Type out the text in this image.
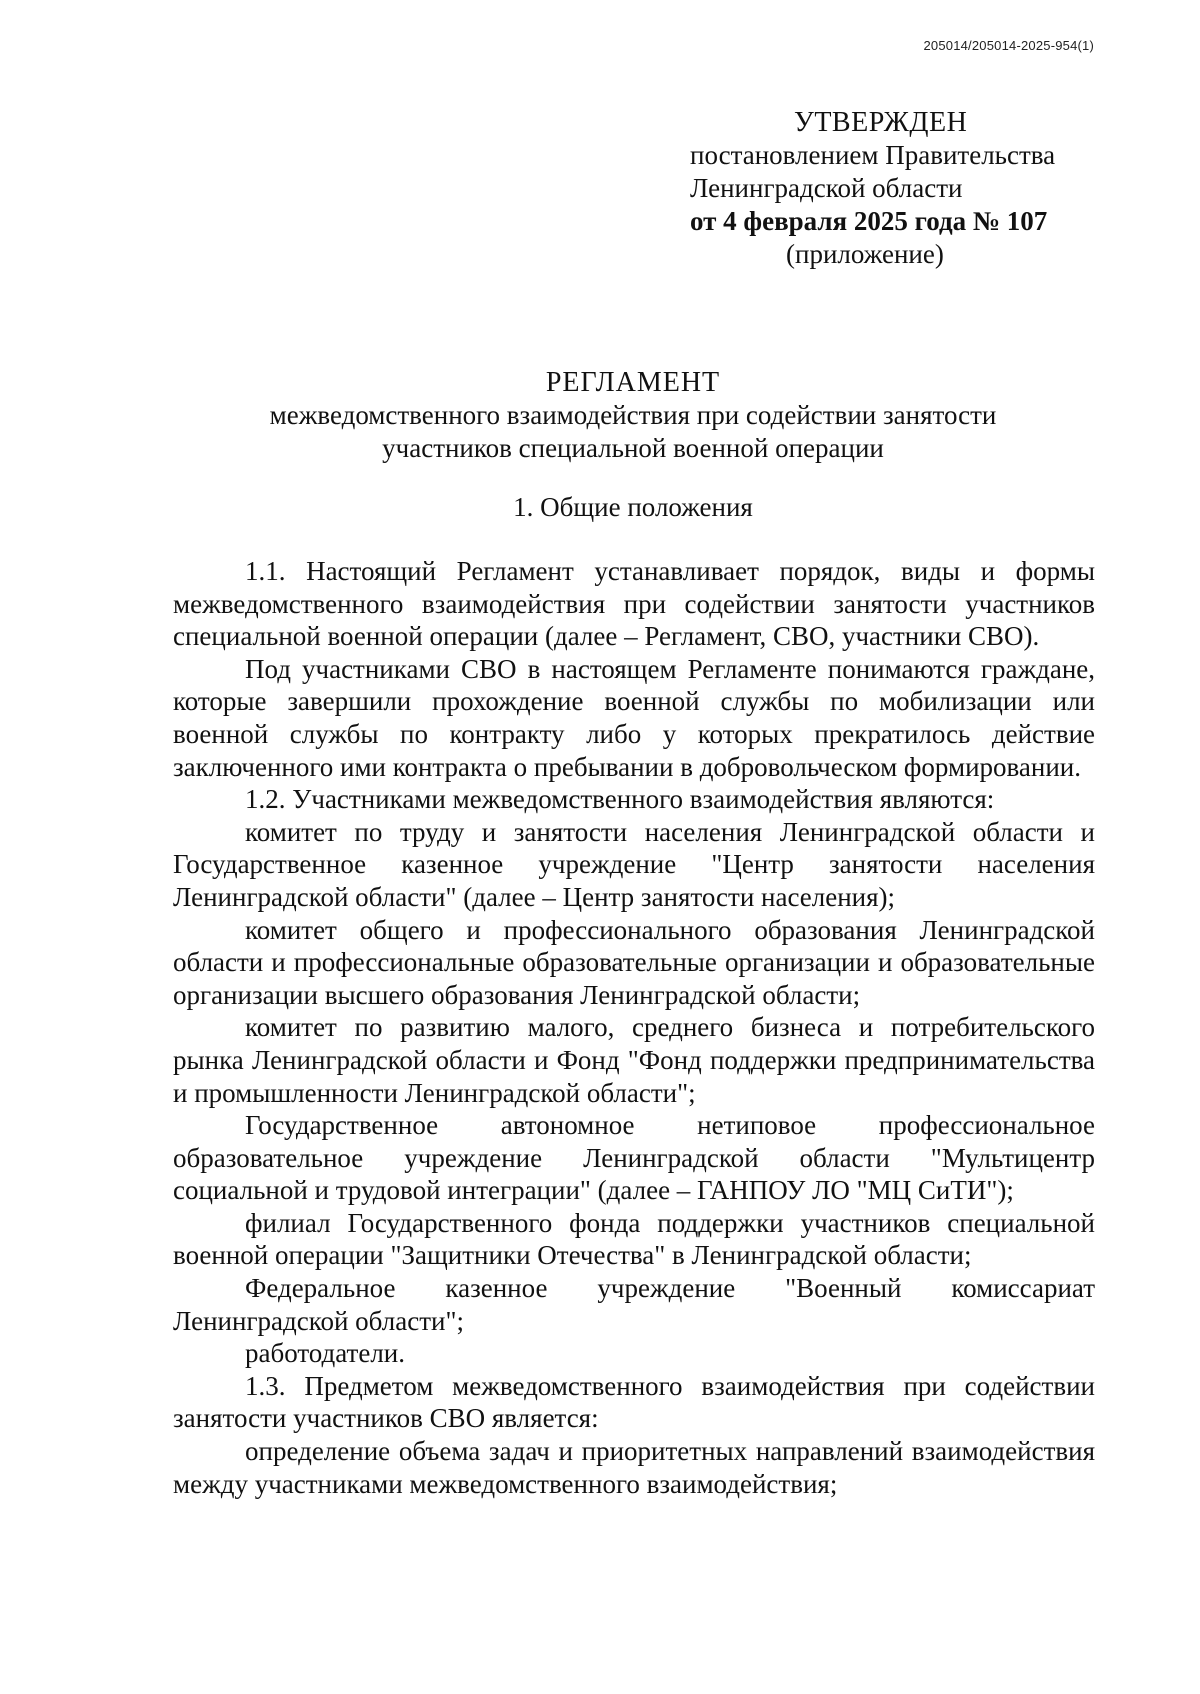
205014/205014-2025-954(1)
УТВЕРЖДЕН
постановлением Правительства
Ленинградской области
от 4 февраля 2025 года № 107
(приложение)
РЕГЛАМЕНТ
межведомственного взаимодействия при содействии занятости
участников специальной военной операции
1. Общие положения

1.1. Настоящий Регламент устанавливает порядок, виды и формы межведомственного взаимодействия при содействии занятости участников специальной военной операции (далее – Регламент, СВО, участники СВО).

Под участниками СВО в настоящем Регламенте понимаются граждане, которые завершили прохождение военной службы по мобилизации или военной службы по контракту либо у которых прекратилось действие заключенного ими контракта о пребывании в добровольческом формировании.

1.2. Участниками межведомственного взаимодействия являются:

комитет по труду и занятости населения Ленинградской области и Государственное казенное учреждение "Центр занятости населения Ленинградской области" (далее – Центр занятости населения);

комитет общего и профессионального образования Ленинградской области и профессиональные образовательные организации и образовательные организации высшего образования Ленинградской области;

комитет по развитию малого, среднего бизнеса и потребительского рынка Ленинградской области и Фонд "Фонд поддержки предпринимательства и промышленности Ленинградской области";

Государственное автономное нетиповое профессиональное образовательное учреждение Ленинградской области "Мультицентр социальной и трудовой интеграции" (далее – ГАНПОУ ЛО "МЦ СиТИ");

филиал Государственного фонда поддержки участников специальной военной операции "Защитники Отечества" в Ленинградской области;

Федеральное казенное учреждение "Военный комиссариат Ленинградской области";

работодатели.

1.3. Предметом межведомственного взаимодействия при содействии занятости участников СВО является:

определение объема задач и приоритетных направлений взаимодействия между участниками межведомственного взаимодействия;
